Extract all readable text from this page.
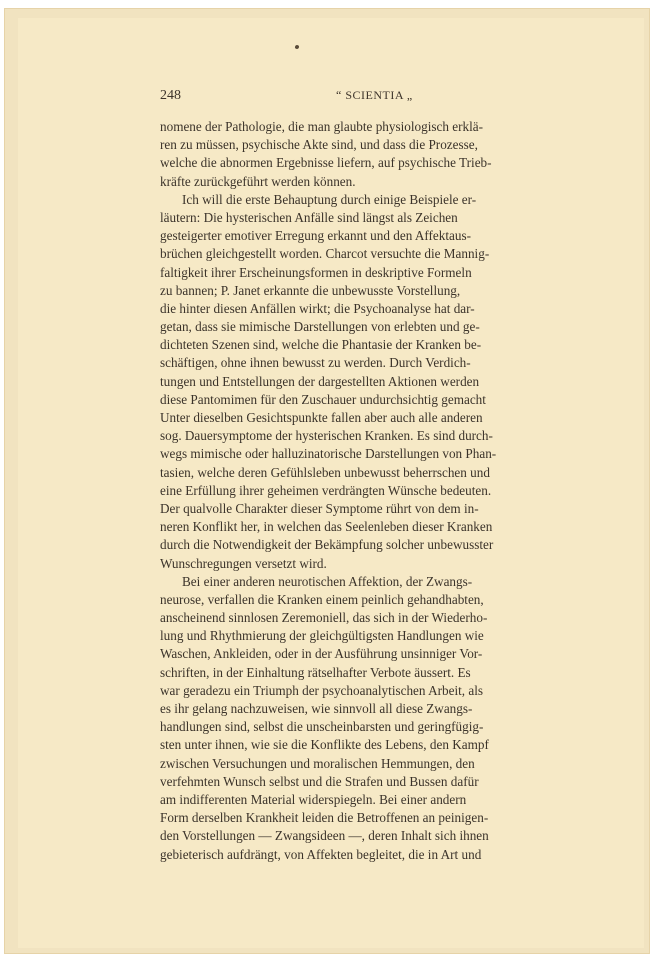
248	“ SCIENTIA „
nomene der Pathologie, die man glaubte physiologisch erklä-
ren zu müssen, psychische Akte sind, und dass die Prozesse,
welche die abnormen Ergebnisse liefern, auf psychische Trieb-
kräfte zurückgeführt werden können.
Ich will die erste Behauptung durch einige Beispiele er-
läutern: Die hysterischen Anfälle sind längst als Zeichen
gesteigerter emotiver Erregung erkannt und den Affektaus-
brüchen gleichgestellt worden. Charcot versuchte die Mannig-
faltigkeit ihrer Erscheinungsformen in deskriptive Formeln
zu bannen; P. Janet erkannte die unbewusste Vorstellung,
die hinter diesen Anfällen wirkt; die Psychoanalyse hat dar-
getan, dass sie mimische Darstellungen von erlebten und ge-
dichteten Szenen sind, welche die Phantasie der Kranken be-
schäftigen, ohne ihnen bewusst zu werden. Durch Verdich-
tungen und Entstellungen der dargestellten Aktionen werden
diese Pantomimen für den Zuschauer undurchsichtig gemacht
Unter dieselben Gesichtspunkte fallen aber auch alle anderen
sog. Dauersymptome der hysterischen Kranken. Es sind durch-
wegs mimische oder halluzinatorische Darstellungen von Phan-
tasien, welche deren Gefühlsleben unbewusst beherrschen und
eine Erfüllung ihrer geheimen verdrängten Wünsche bedeuten.
Der qualvolle Charakter dieser Symptome rührt von dem in-
neren Konflikt her, in welchen das Seelenleben dieser Kranken
durch die Notwendigkeit der Bekämpfung solcher unbewusster
Wunschregungen versetzt wird.
Bei einer anderen neurotischen Affektion, der Zwangs-
neurose, verfallen die Kranken einem peinlich gehandhabten,
anscheinend sinnlosen Zeremoniell, das sich in der Wiederho-
lung und Rhythmierung der gleichgültigsten Handlungen wie
Waschen, Ankleiden, oder in der Ausführung unsinniger Vor-
schriften, in der Einhaltung rätselhafter Verbote äussert. Es
war geradezu ein Triumph der psychoanalytischen Arbeit, als
es ihr gelang nachzuweisen, wie sinnvoll all diese Zwangs-
handlungen sind, selbst die unscheinbarsten und geringfügig-
sten unter ihnen, wie sie die Konflikte des Lebens, den Kampf
zwischen Versuchungen und moralischen Hemmungen, den
verfehmten Wunsch selbst und die Strafen und Bussen dafür
am indifferenten Material widerspiegeln. Bei einer andern
Form derselben Krankheit leiden die Betroffenen an peinigen-
den Vorstellungen — Zwangsideen —, deren Inhalt sich ihnen
gebieterisch aufdrängt, von Affekten begleitet, die in Art und
